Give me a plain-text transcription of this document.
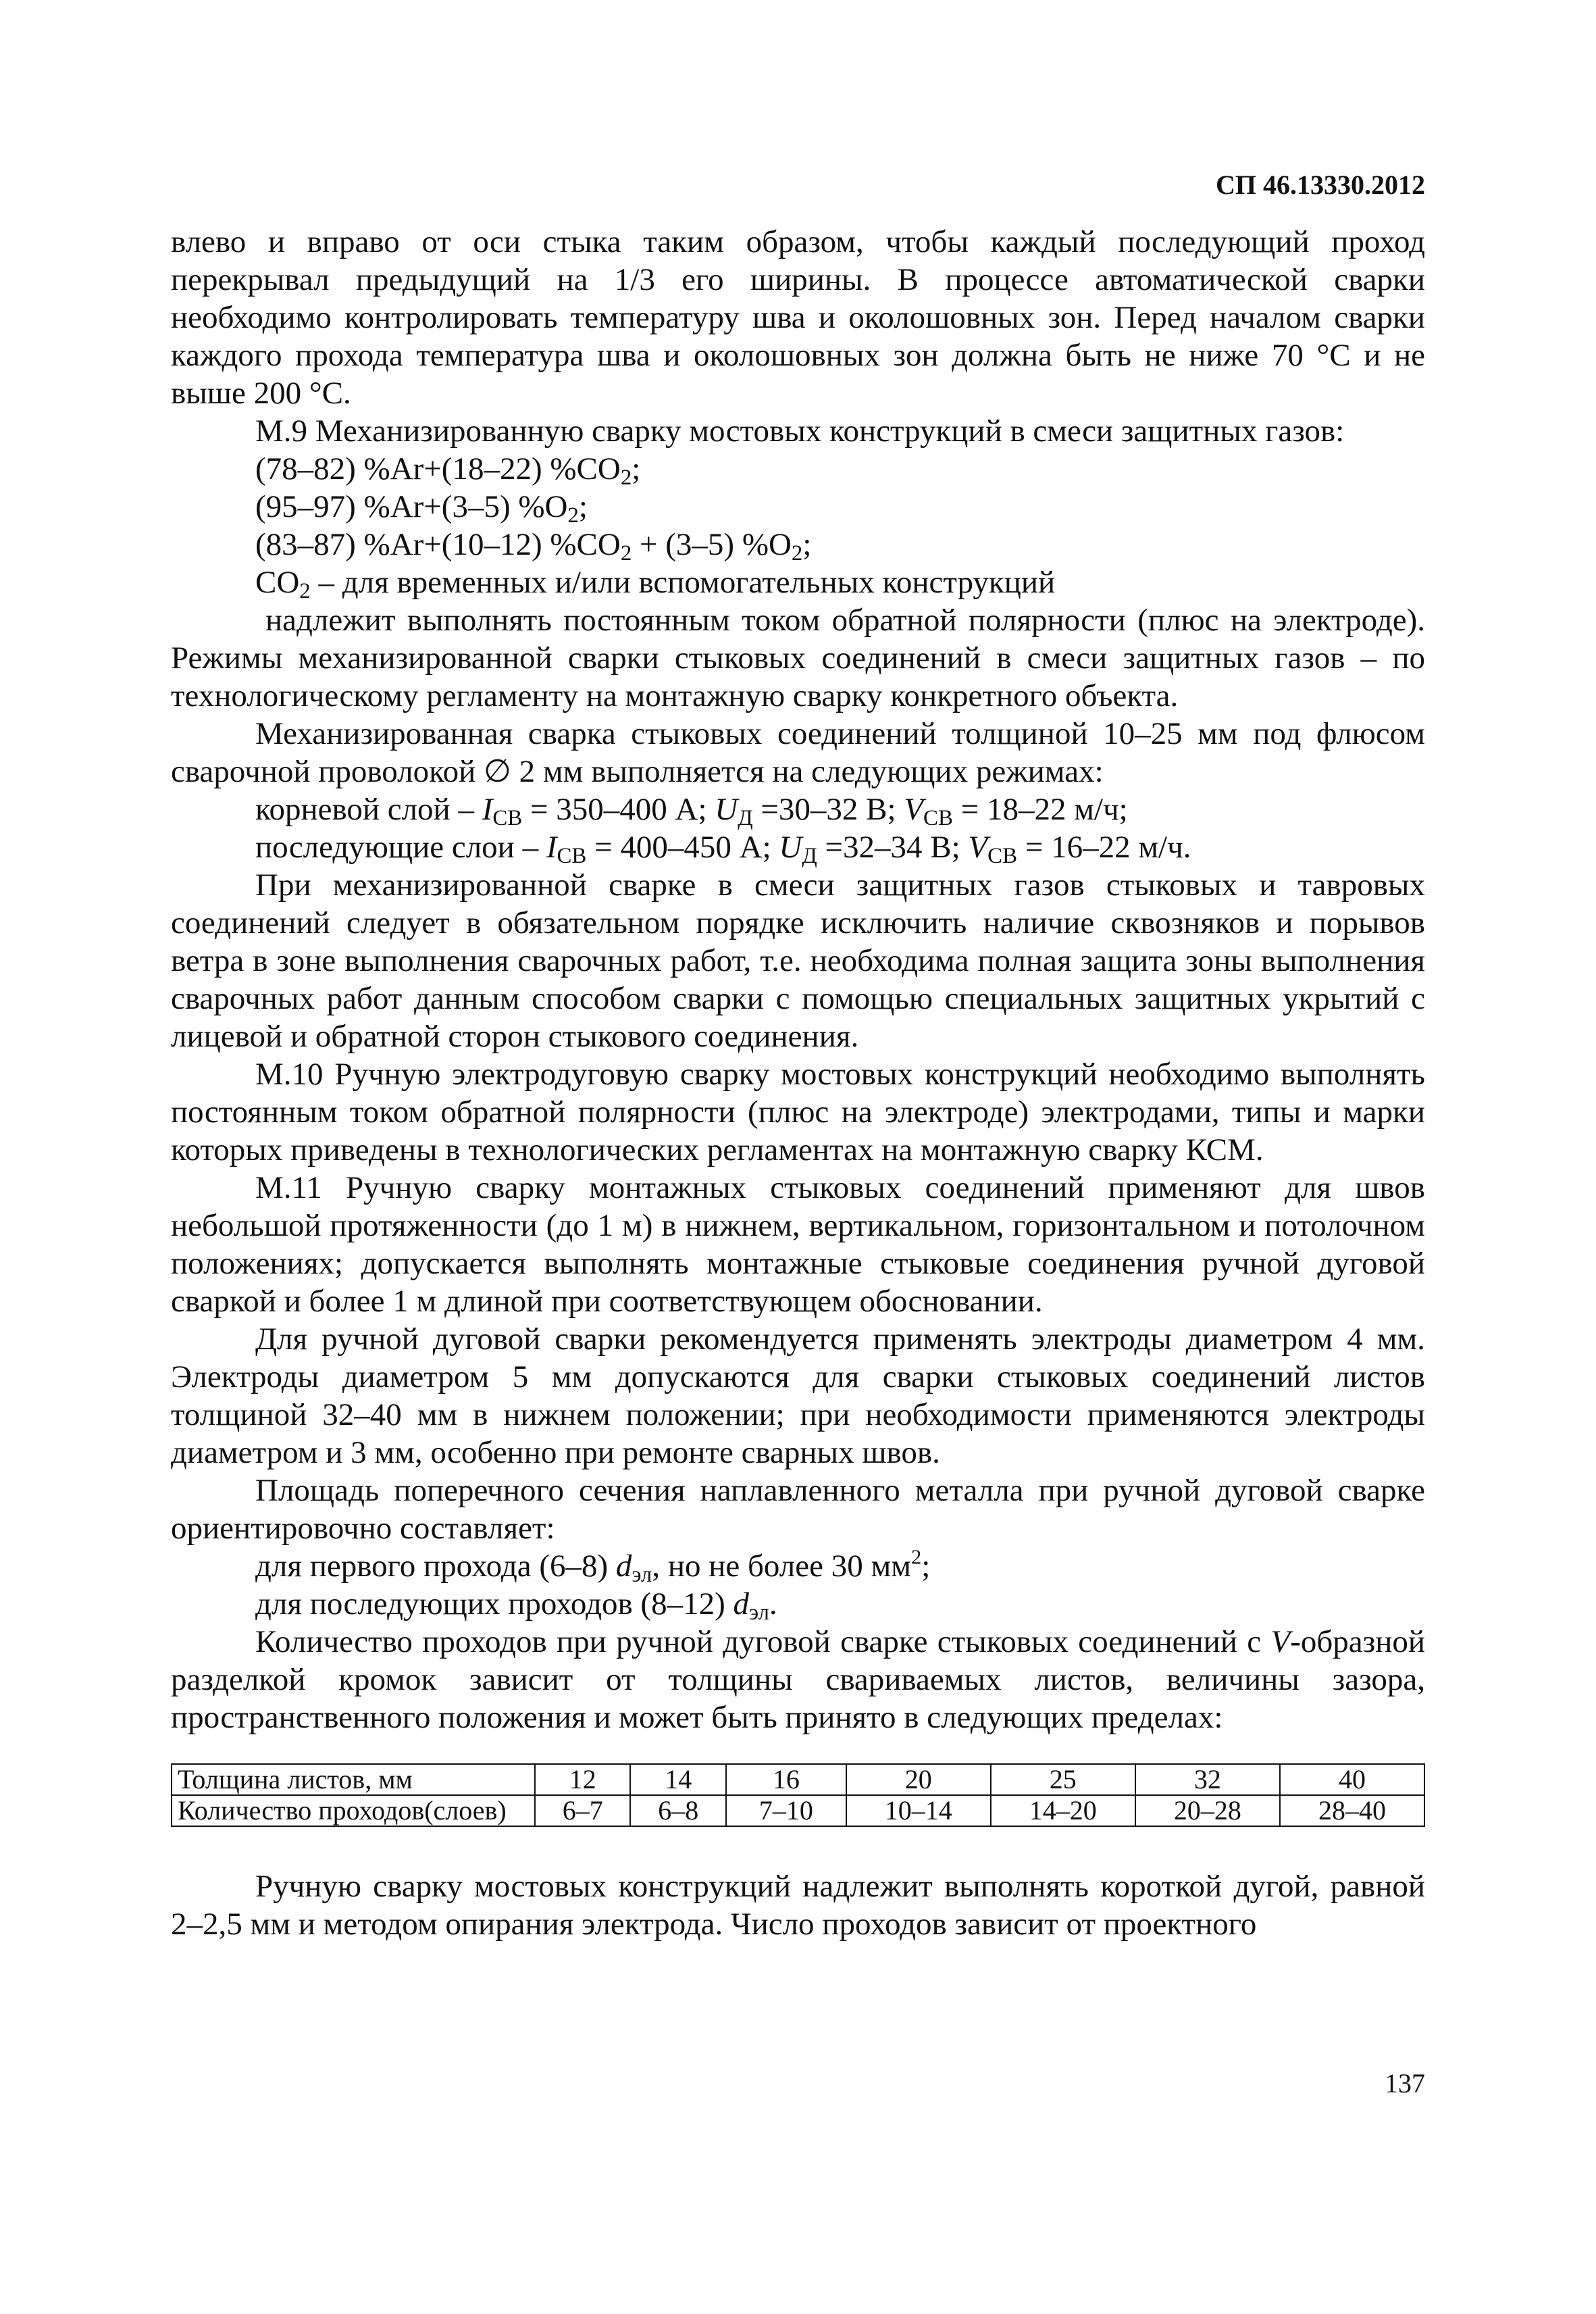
СП 46.13330.2012

влево и вправо от оси стыка таким образом, чтобы каждый последующий проход перекрывал предыдущий на 1/3 его ширины. В процессе автоматической сварки необходимо контролировать температуру шва и околошовных зон. Перед началом сварки каждого прохода температура шва и околошовных зон должна быть не ниже 70 °С и не выше 200 °С.

М.9 Механизированную сварку мостовых конструкций в смеси защитных газов:

(78–82) %Ar+(18–22) $\%CO_2$;

(95–97) %Ar+(3–5) $\%O_2$;

(83–87) %Ar+(10–12) $\%CO_2 + (3-5)$ $\%O_2$;

$CO_2$ – для временных и/или вспомогательных конструкций

надлежит выполнять постоянным током обратной полярности (плюс на электроде). Режимы механизированной сварки стыковых соединений в смеси защитных газов – по технологическому регламенту на монтажную сварку конкретного объекта.

Механизированная сварка стыковых соединений толщиной 10–25 мм под флюсом сварочной проволокой ∅ 2 мм выполняется на следующих режимах:

корневой слой – $I_{СВ} = 350-400$ А; $U_Д =30-32$ В; $V_{СВ} = 18-22$ м/ч;

последующие слои – $I_{СВ} = 400-450$ А; $U_Д =32-34$ В; $V_{СВ} = 16-22$ м/ч.

При механизированной сварке в смеси защитных газов стыковых и тавровых соединений следует в обязательном порядке исключить наличие сквозняков и порывов ветра в зоне выполнения сварочных работ, т.е. необходима полная защита зоны выполнения сварочных работ данным способом сварки с помощью специальных защитных укрытий с лицевой и обратной сторон стыкового соединения.

М.10 Ручную электродуговую сварку мостовых конструкций необходимо выполнять постоянным током обратной полярности (плюс на электроде) электродами, типы и марки которых приведены в технологических регламентах на монтажную сварку КСМ.

М.11 Ручную сварку монтажных стыковых соединений применяют для швов небольшой протяженности (до 1 м) в нижнем, вертикальном, горизонтальном и потолочном положениях; допускается выполнять монтажные стыковые соединения ручной дуговой сваркой и более 1 м длиной при соответствующем обосновании.

Для ручной дуговой сварки рекомендуется применять электроды диаметром 4 мм. Электроды диаметром 5 мм допускаются для сварки стыковых соединений листов толщиной 32–40 мм в нижнем положении; при необходимости применяются электроды диаметром и 3 мм, особенно при ремонте сварных швов.

Площадь поперечного сечения наплавленного металла при ручной дуговой сварке ориентировочно составляет:

для первого прохода (6–8) $d_{эл}$, но не более 30 $мм^2$;

для последующих проходов (8–12) $d_{эл}$.

Количество проходов при ручной дуговой сварке стыковых соединений с V-образной разделкой кромок зависит от толщины свариваемых листов, величины зазора, пространственного положения и может быть принято в следующих пределах:

Толщина листов, мм	12	14	16	20	25	32	40
Количество проходов(слоев)	6–7	6–8	7–10	10–14	14–20	20–28	28–40

Ручную сварку мостовых конструкций надлежит выполнять короткой дугой, равной 2–2,5 мм и методом опирания электрода. Число проходов зависит от проектного

137
